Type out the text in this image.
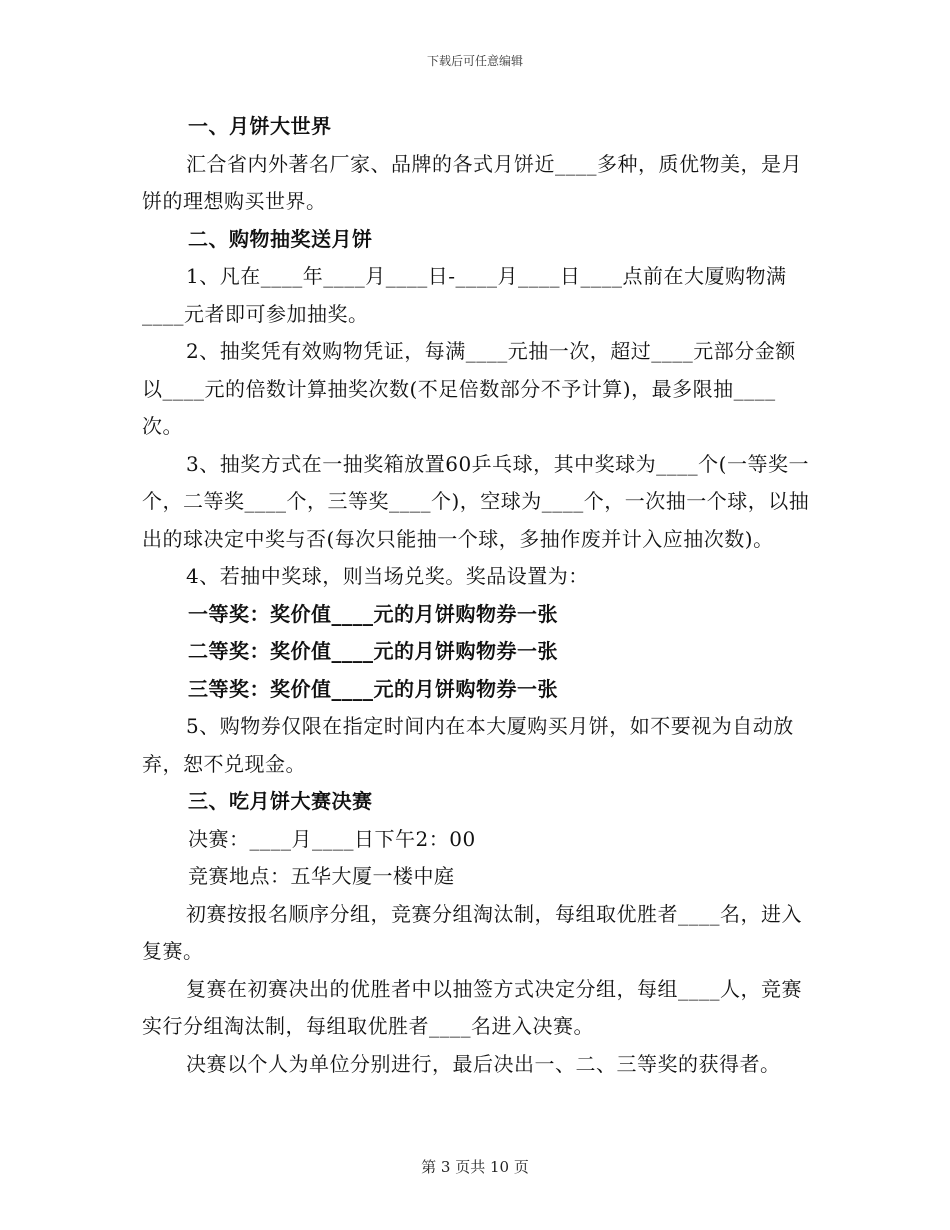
下载后可任意编辑

一、月饼大世界

汇合省内外著名厂家、品牌的各式月饼近____多种，质优物美，是月饼的理想购买世界。

二、购物抽奖送月饼

1、凡在____年____月____日-____月____日____点前在大厦购物满____元者即可参加抽奖。

2、抽奖凭有效购物凭证，每满____元抽一次，超过____元部分金额以____元的倍数计算抽奖次数(不足倍数部分不予计算)，最多限抽____次。

3、抽奖方式在一抽奖箱放置60乒乓球，其中奖球为____个(一等奖一个，二等奖____个，三等奖____个)，空球为____个，一次抽一个球，以抽出的球决定中奖与否(每次只能抽一个球，多抽作废并计入应抽次数)。

4、若抽中奖球，则当场兑奖。奖品设置为：

一等奖：奖价值____元的月饼购物券一张

二等奖：奖价值____元的月饼购物券一张

三等奖：奖价值____元的月饼购物券一张

5、购物券仅限在指定时间内在本大厦购买月饼，如不要视为自动放弃，恕不兑现金。

三、吃月饼大赛决赛

决赛：____月____日下午2：00

竞赛地点：五华大厦一楼中庭

初赛按报名顺序分组，竞赛分组淘汰制，每组取优胜者____名，进入复赛。

复赛在初赛决出的优胜者中以抽签方式决定分组，每组____人，竞赛实行分组淘汰制，每组取优胜者____名进入决赛。

决赛以个人为单位分别进行，最后决出一、二、三等奖的获得者。

第 3 页共 10 页
